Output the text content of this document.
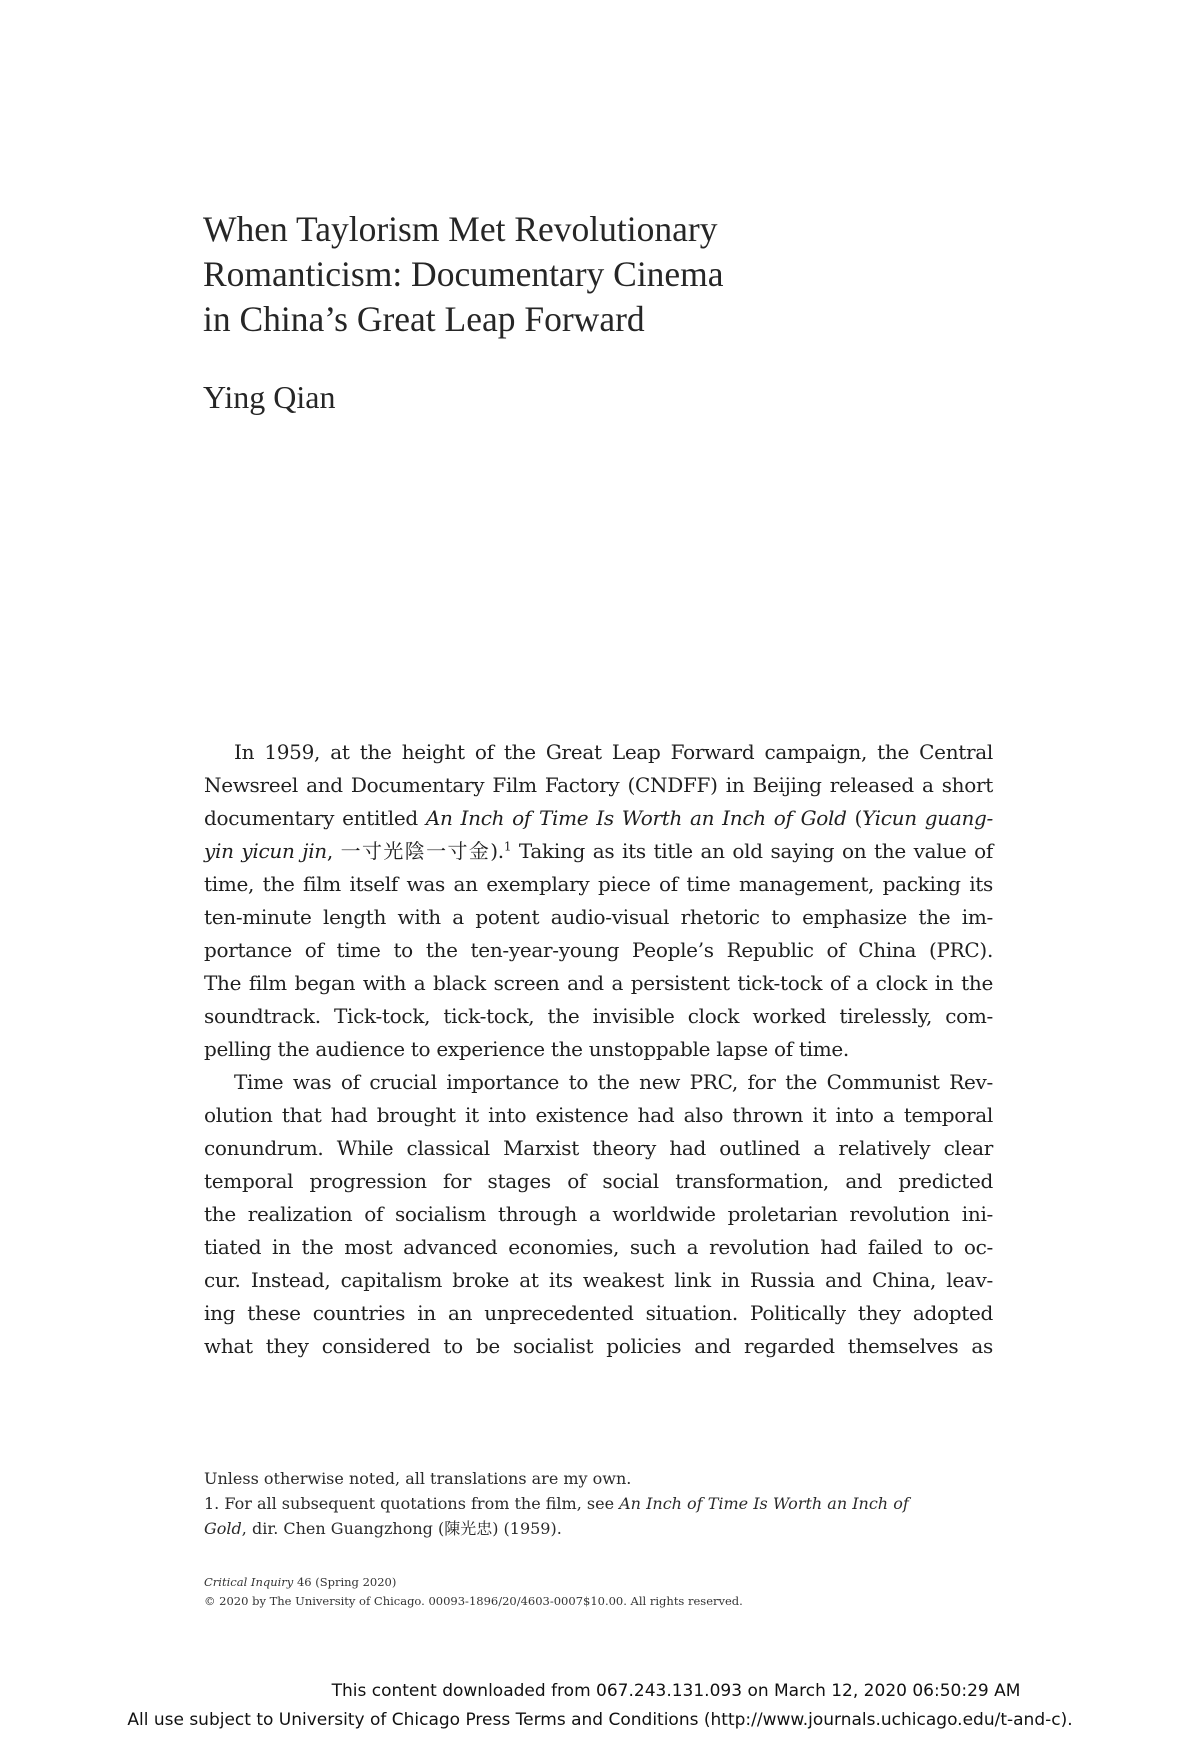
When Taylorism Met Revolutionary
Romanticism: Documentary Cinema
in China’s Great Leap Forward
Ying Qian
In 1959, at the height of the Great Leap Forward campaign, the Central
Newsreel and Documentary Film Factory (CNDFF) in Beijing released a short
documentary entitled An Inch of Time Is Worth an Inch of Gold (Yicun guang-
yin yicun jin, 一寸光陰一寸金).$^1$ Taking as its title an old saying on the value of
time, the film itself was an exemplary piece of time management, packing its
ten-minute length with a potent audio-visual rhetoric to emphasize the im-
portance of time to the ten-year-young People’s Republic of China (PRC).
The film began with a black screen and a persistent tick-tock of a clock in the
soundtrack. Tick-tock, tick-tock, the invisible clock worked tirelessly, com-
pelling the audience to experience the unstoppable lapse of time.
Time was of crucial importance to the new PRC, for the Communist Rev-
olution that had brought it into existence had also thrown it into a temporal
conundrum. While classical Marxist theory had outlined a relatively clear
temporal progression for stages of social transformation, and predicted
the realization of socialism through a worldwide proletarian revolution ini-
tiated in the most advanced economies, such a revolution had failed to oc-
cur. Instead, capitalism broke at its weakest link in Russia and China, leav-
ing these countries in an unprecedented situation. Politically they adopted
what they considered to be socialist policies and regarded themselves as
Unless otherwise noted, all translations are my own.
1. For all subsequent quotations from the film, see An Inch of Time Is Worth an Inch of
Gold, dir. Chen Guangzhong (陳光忠) (1959).
Critical Inquiry 46 (Spring 2020)
© 2020 by The University of Chicago. 00093-1896/20/4603-0007$10.00. All rights reserved.
This content downloaded from 067.243.131.093 on March 12, 2020 06:50:29 AM
All use subject to University of Chicago Press Terms and Conditions (http://www.journals.uchicago.edu/t-and-c).
